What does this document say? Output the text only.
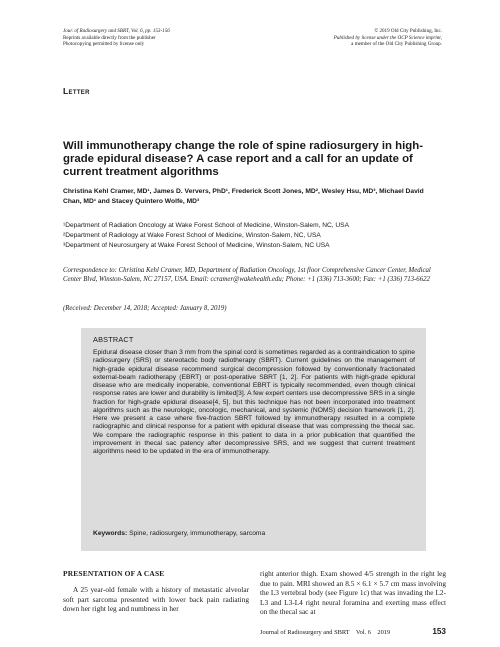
Jour. of Radiosurgery and SBRT, Vol. 6, pp. 153-156
Reprints available directly from the publisher
Photocopying permitted by license only
© 2019 Old City Publishing, Inc.
Published by license under the OCP Science imprint,
a member of the Old City Publishing Group.
Letter
Will immunotherapy change the role of spine radiosurgery in high-grade epidural disease? A case report and a call for an update of current treatment algorithms
Christina Kehl Cramer, MD¹, James D. Ververs, PhD¹, Frederick Scott Jones, MD², Wesley Hsu, MD³, Michael David Chan, MD¹ and Stacey Quintero Wolfe, MD³
¹Department of Radiation Oncology at Wake Forest School of Medicine, Winston-Salem, NC, USA
²Department of Radiology at Wake Forest School of Medicine, Winston-Salem, NC, USA
³Department of Neurosurgery at Wake Forest School of Medicine, Winston-Salem, NC USA
Correspondence to: Christina Kehl Cramer, MD, Department of Radiation Oncology, 1st floor Comprehensive Cancer Center, Medical Center Blvd, Winston-Salem, NC 27157, USA. Email: ccramer@wakehealth.edu; Phone: +1 (336) 713-3600; Fax: +1 (336) 713-6622
(Received: December 14, 2018; Accepted: January 8, 2019)
ABSTRACT
Epidural disease closer than 3 mm from the spinal cord is sometimes regarded as a contraindication to spine radiosurgery (SRS) or stereotactic body radiotherapy (SBRT). Current guidelines on the management of high-grade epidural disease recommend surgical decompression followed by conventionally fractionated external-beam radiotherapy (EBRT) or post-operative SBRT [1, 2]. For patients with high-grade epidural disease who are medically inoperable, conventional EBRT is typically recommended, even though clinical response rates are lower and durability is limited[3]. A few expert centers use decompressive SRS in a single fraction for high-grade epidural disease[4, 5], but this technique has not been incorporated into treatment algorithms such as the neurologic, oncologic, mechanical, and systemic (NOMS) decision framework [1, 2]. Here we present a case where five-fraction SBRT followed by immunotherapy resulted in a complete radiographic and clinical response for a patient with epidural disease that was compressing the thecal sac. We compare the radiographic response in this patient to data in a prior publication that quantified the improvement in thecal sac patency after decompressive SRS, and we suggest that current treatment algorithms need to be updated in the era of immunotherapy.
Keywords: Spine, radiosurgery, immunotherapy, sarcoma
PRESENTATION OF A CASE
A 25 year-old female with a history of metastatic alveolar soft part sarcoma presented with lower back pain radiating down her right leg and numbness in her
right anterior thigh. Exam showed 4/5 strength in the right leg due to pain. MRI showed an 8.5 × 6.1 × 5.7 cm mass involving the L3 vertebral body (see Figure 1c) that was invading the L2-L3 and L3-L4 right neural foramina and exerting mass effect on the thecal sac at
Journal of Radiosurgery and SBRT    Vol. 6    2019	153
